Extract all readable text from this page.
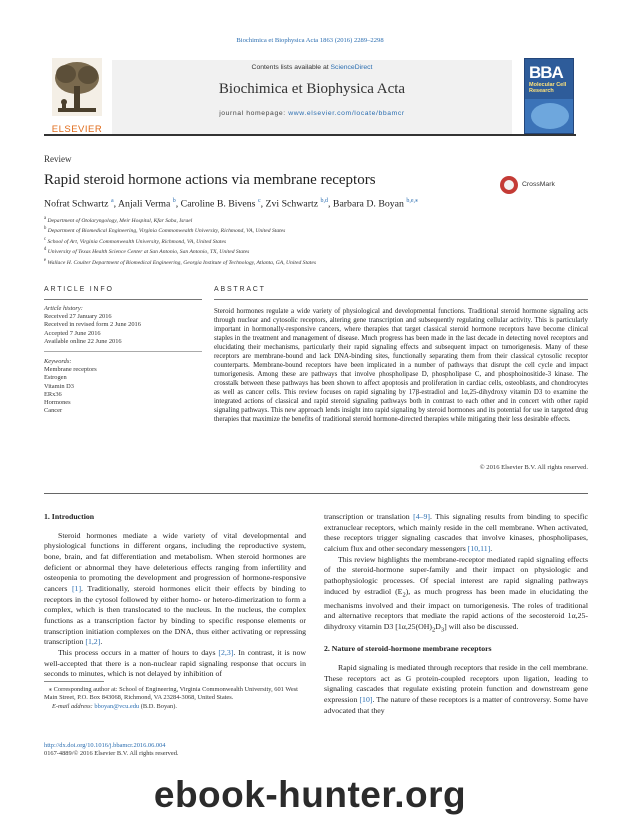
Biochimica et Biophysica Acta 1863 (2016) 2289–2298
ELSEVIER
Contents lists available at ScienceDirect
Biochimica et Biophysica Acta
journal homepage: www.elsevier.com/locate/bbamcr
BBA
Molecular Cell Research
Review
Rapid steroid hormone actions via membrane receptors	CrossMark
Nofrat Schwartz $^a$, Anjali Verma $^b$, Caroline B. Bivens $^c$, Zvi Schwartz $^{b,d}$, Barbara D. Boyan $^{b,e,⁎}$
$^a$ Department of Otolaryngology, Meir Hospital, Kfar Saba, Israel
$^b$ Department of Biomedical Engineering, Virginia Commonwealth University, Richmond, VA, United States
$^c$ School of Art, Virginia Commonwealth University, Richmond, VA, United States
$^d$ University of Texas Health Science Center at San Antonio, San Antonio, TX, United States
$^e$ Wallace H. Coulter Department of Biomedical Engineering, Georgia Institute of Technology, Atlanta, GA, United States
ARTICLE INFO
Article history:
Received 27 January 2016
Received in revised form 2 June 2016
Accepted 7 June 2016
Available online 22 June 2016
Keywords:
Membrane receptors
Estrogen
Vitamin D3
ERx36
Hormones
Cancer
ABSTRACT
Steroid hormones regulate a wide variety of physiological and developmental functions. Traditional steroid hormone signaling acts through nuclear and cytosolic receptors, altering gene transcription and subsequently regulating cellular activity. This is particularly important in hormonally-responsive cancers, where therapies that target classical steroid hormone receptors have become clinical staples in the treatment and management of disease. Much progress has been made in the last decade in detecting novel receptors and elucidating their mechanisms, particularly their rapid signaling effects and subsequent impact on tumorigenesis. Many of these receptors are membrane-bound and lack DNA-binding sites, functionally separating them from their classical cytosolic receptor counterparts. Membrane-bound receptors have been implicated in a number of pathways that disrupt the cell cycle and impact tumorigenesis. Among these are pathways that involve phospholipase D, phospholipase C, and phosphoinositide-3 kinase. The crosstalk between these pathways has been shown to affect apoptosis and proliferation in cardiac cells, osteoblasts, and chondrocytes as well as cancer cells. This review focuses on rapid signaling by 17β-estradiol and 1α,25-dihydroxy vitamin D3 to examine the integrated actions of classical and rapid steroid signaling pathways both in contrast to each other and in concert with other rapid signaling pathways. This new approach lends insight into rapid signaling by steroid hormones and its potential for use in targeted drug therapies that maximize the benefits of traditional steroid hormone-directed therapies while mitigating their less desirable effects.
© 2016 Elsevier B.V. All rights reserved.

1. Introduction

Steroid hormones mediate a wide variety of vital developmental and physiological functions in different organs, including the reproductive system, bone, brain, and fat differentiation and metabolism. When steroid hormones are deficient or abnormal they have deleterious effects ranging from infertility and osteopenia to promoting the development and progression of hormone-responsive cancers [1]. Traditionally, steroid hormones elicit their effects by binding to receptors in the cytosol followed by either homo- or hetero-dimerization to form a complex, which is then translocated to the nucleus. In the nucleus, the complex functions as a transcription factor by binding to specific response elements or transcription initiation complexes on the DNA, thus either activating or repressing transcription [1,2].

This process occurs in a matter of hours to days [2,3]. In contrast, it is now well-accepted that there is a non-nuclear rapid signaling response that occurs in seconds to minutes, which is not delayed by inhibition of

transcription or translation [4–9]. This signaling results from binding to specific extranuclear receptors, which mainly reside in the cell membrane. When activated, these receptors trigger signaling cascades that involve kinases, phospholipases, calcium flux and other secondary messengers [10,11].

This review highlights the membrane-receptor mediated rapid signaling effects of the steroid-hormone super-family and their impact on physiologic and pathophysiologic processes. Of special interest are rapid signaling pathways induced by estradiol $(E_2)$, as much progress has been made in elucidating the mechanisms involved and their impact on tumorigenesis. The roles of traditional and alternative receptors that mediate the rapid actions of the secosteroid 1α,25-dihydroxy vitamin D3 $[1\alpha,25(OH)_2D_3]$ will also be discussed.

2. Nature of steroid-hormone membrane receptors

Rapid signaling is mediated through receptors that reside in the cell membrane. These receptors act as G protein-coupled receptors upon ligation, leading to signaling cascades that regulate existing protein function and downstream gene expression [10]. The nature of these receptors is a matter of controversy. Some have advocated that they

⁎ Corresponding author at: School of Engineering, Virginia Commonwealth University, 601 West Main Street, P.O. Box 843068, Richmond, VA 23284-3068, United States.
E-mail address: bboyan@vcu.edu (B.D. Boyan).
http://dx.doi.org/10.1016/j.bbamcr.2016.06.004
0167-4889/© 2016 Elsevier B.V. All rights reserved.
ebook-hunter.org
